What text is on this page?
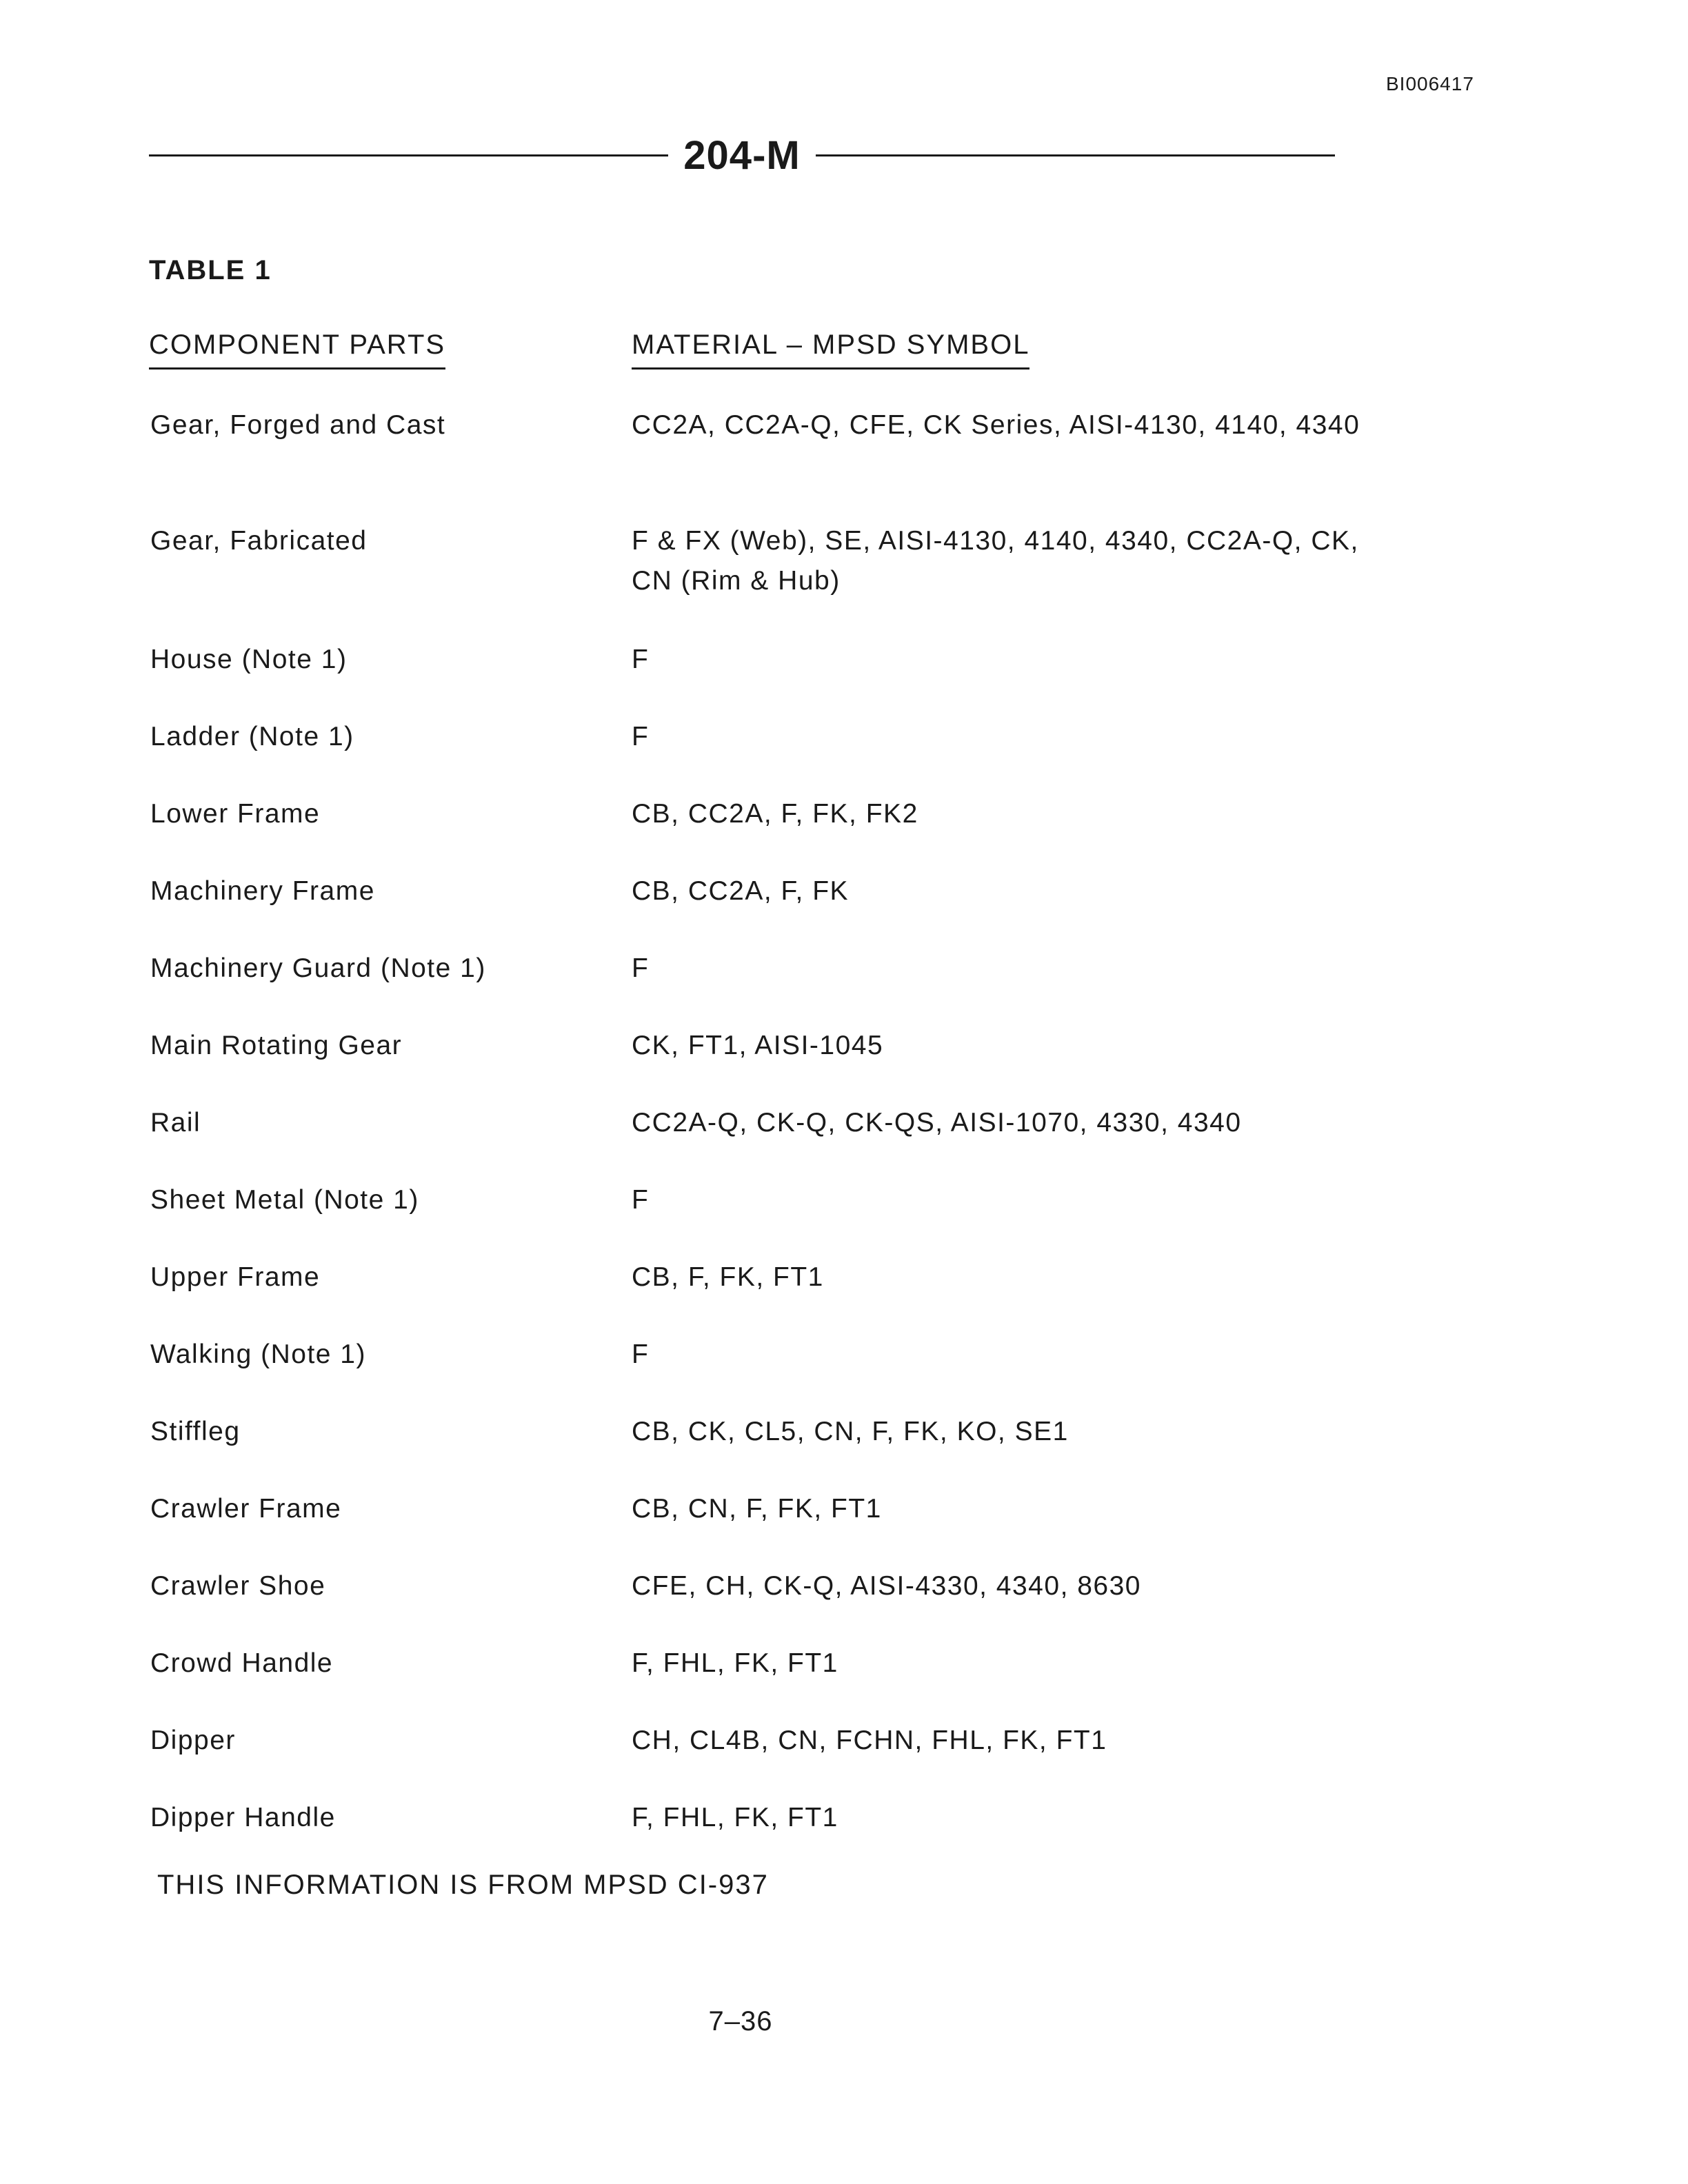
BI006417
204-M
TABLE 1
COMPONENT PARTS	MATERIAL – MPSD SYMBOL
Gear, Forged and Cast	CC2A, CC2A-Q, CFE, CK Series, AISI-4130, 4140, 4340
Gear, Fabricated	F & FX (Web), SE, AISI-4130, 4140, 4340, CC2A-Q, CK, CN (Rim & Hub)
House (Note 1)	F
Ladder (Note 1)	F
Lower Frame	CB, CC2A, F, FK, FK2
Machinery Frame	CB, CC2A, F, FK
Machinery Guard (Note 1)	F
Main Rotating Gear	CK, FT1, AISI-1045
Rail	CC2A-Q, CK-Q, CK-QS, AISI-1070, 4330, 4340
Sheet Metal (Note 1)	F
Upper Frame	CB, F, FK, FT1
Walking (Note 1)	F
Stiffleg	CB, CK, CL5, CN, F, FK, KO, SE1
Crawler Frame	CB, CN, F, FK, FT1
Crawler Shoe	CFE, CH, CK-Q, AISI-4330, 4340, 8630
Crowd Handle	F, FHL, FK, FT1
Dipper	CH, CL4B, CN, FCHN, FHL, FK, FT1
Dipper Handle	F, FHL, FK, FT1
THIS INFORMATION IS FROM MPSD CI-937
7–36
